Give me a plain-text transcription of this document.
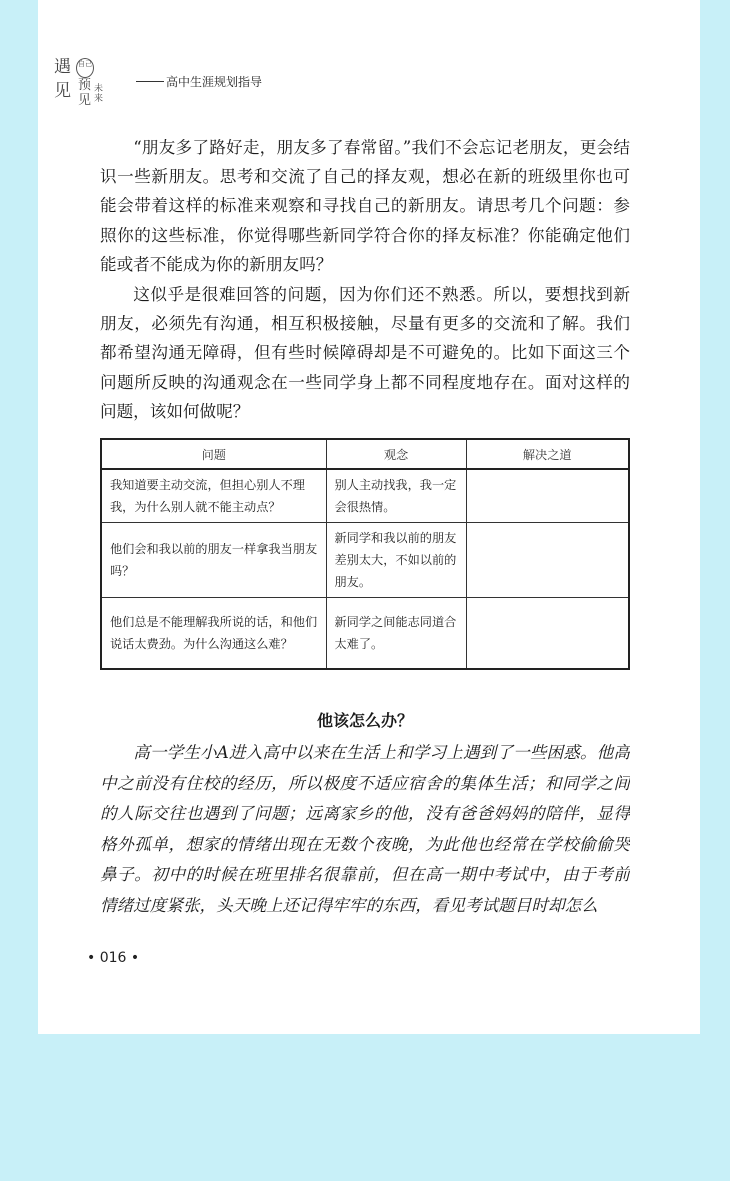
遇
见
自己
预见
未来
高中生涯规划指导

“朋友多了路好走，朋友多了春常留。”我们不会忘记老朋友，更会结识一些新朋友。思考和交流了自己的择友观，想必在新的班级里你也可能会带着这样的标准来观察和寻找自己的新朋友。请思考几个问题：参照你的这些标准，你觉得哪些新同学符合你的择友标准？你能确定他们能或者不能成为你的新朋友吗？

这似乎是很难回答的问题，因为你们还不熟悉。所以，要想找到新朋友，必须先有沟通，相互积极接触，尽量有更多的交流和了解。我们都希望沟通无障碍，但有些时候障碍却是不可避免的。比如下面这三个问题所反映的沟通观念在一些同学身上都不同程度地存在。面对这样的问题，该如何做呢？

问题	观念	解决之道
我知道要主动交流，但担心别人不理我，为什么别人就不能主动点？	别人主动找我，我一定会很热情。	
他们会和我以前的朋友一样拿我当朋友吗？	新同学和我以前的朋友差别太大，不如以前的朋友。	
他们总是不能理解我所说的话，和他们说话太费劲。为什么沟通这么难？	新同学之间能志同道合太难了。	
他该怎么办？

高一学生小A进入高中以来在生活上和学习上遇到了一些困惑。他高中之前没有住校的经历，所以极度不适应宿舍的集体生活；和同学之间的人际交往也遇到了问题；远离家乡的他，没有爸爸妈妈的陪伴，显得格外孤单，想家的情绪出现在无数个夜晚，为此他也经常在学校偷偷哭鼻子。初中的时候在班里排名很靠前，但在高一期中考试中，由于考前情绪过度紧张，头天晚上还记得牢牢的东西，看见考试题目时却怎么

• 016 •
